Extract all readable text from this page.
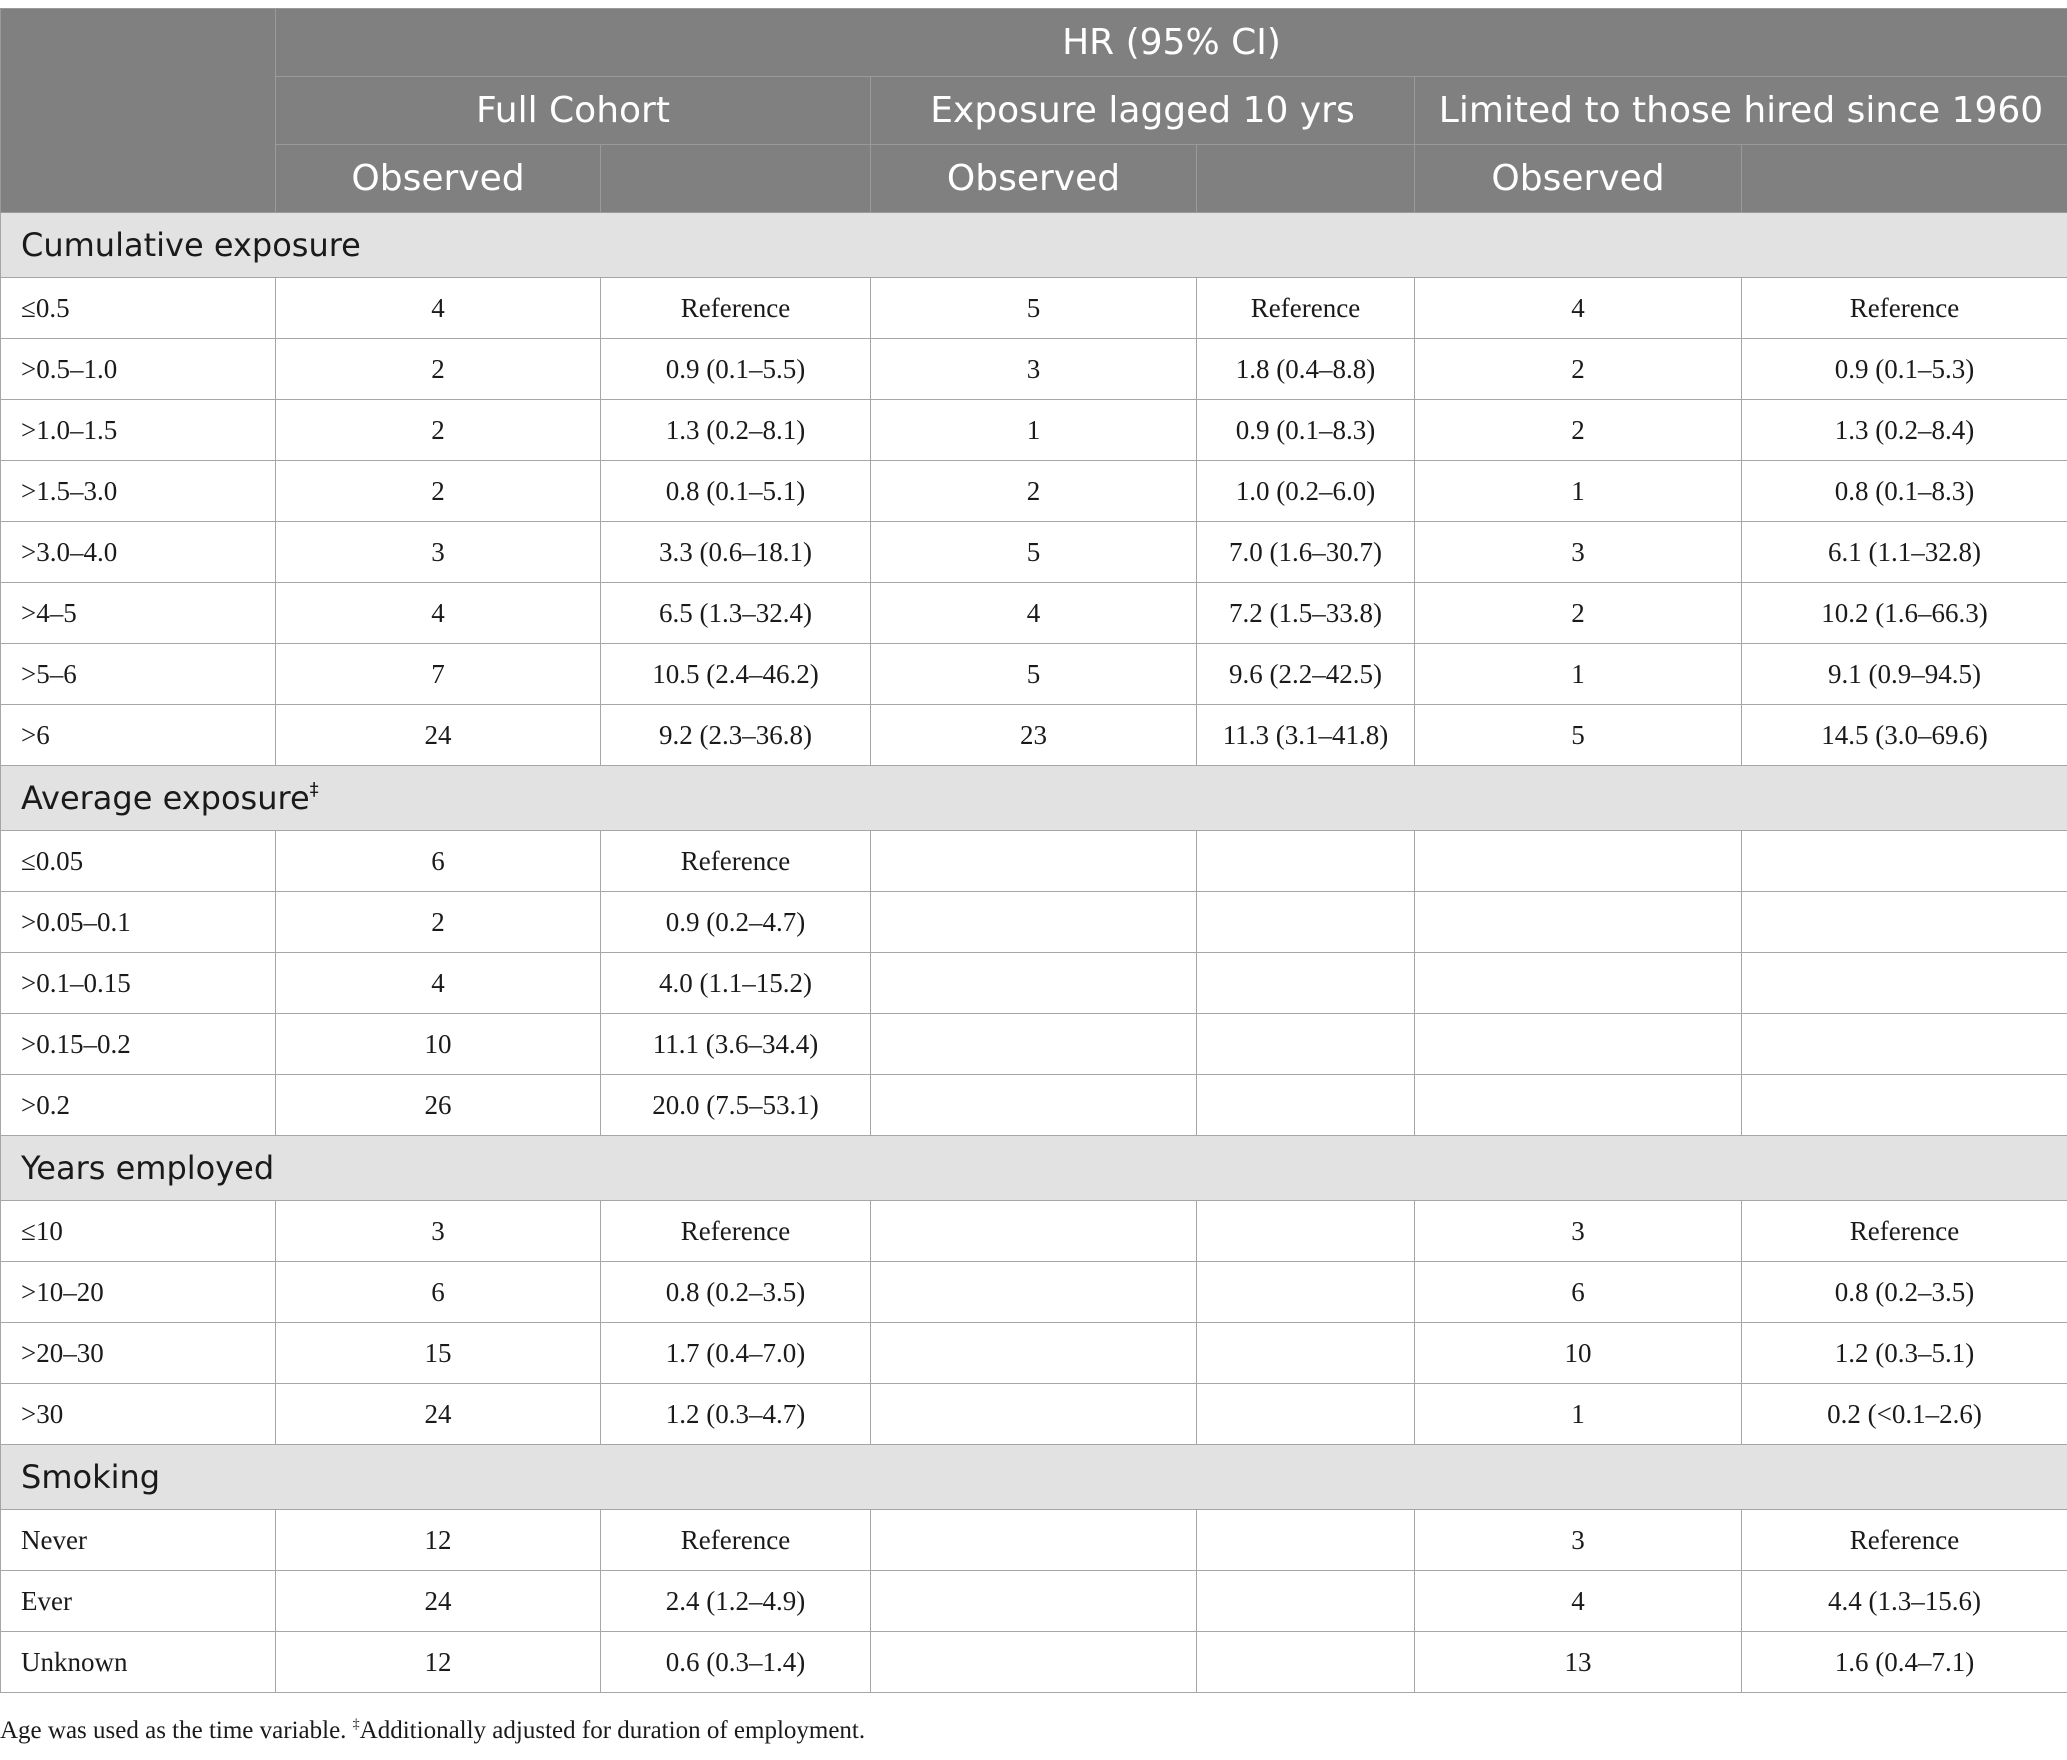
	HR (95% CI)					
	Full Cohort		Exposure lagged 10 yrs		Limited to those hired since 1960	
	Observed		Observed		Observed	
Cumulative exposure						
≤0.5	4	Reference	5	Reference	4	Reference
>0.5–1.0	2	0.9 (0.1–5.5)	3	1.8 (0.4–8.8)	2	0.9 (0.1–5.3)
>1.0–1.5	2	1.3 (0.2–8.1)	1	0.9 (0.1–8.3)	2	1.3 (0.2–8.4)
>1.5–3.0	2	0.8 (0.1–5.1)	2	1.0 (0.2–6.0)	1	0.8 (0.1–8.3)
>3.0–4.0	3	3.3 (0.6–18.1)	5	7.0 (1.6–30.7)	3	6.1 (1.1–32.8)
>4–5	4	6.5 (1.3–32.4)	4	7.2 (1.5–33.8)	2	10.2 (1.6–66.3)
>5–6	7	10.5 (2.4–46.2)	5	9.6 (2.2–42.5)	1	9.1 (0.9–94.5)
>6	24	9.2 (2.3–36.8)	23	11.3 (3.1–41.8)	5	14.5 (3.0–69.6)
Average exposure‡
≤0.05	6	Reference				
>0.05–0.1	2	0.9 (0.2–4.7)				
>0.1–0.15	4	4.0 (1.1–15.2)				
>0.15–0.2	10	11.1 (3.6–34.4)				
>0.2	26	20.0 (7.5–53.1)				
Years employed						
≤10	3	Reference			3	Reference
>10–20	6	0.8 (0.2–3.5)			6	0.8 (0.2–3.5)
>20–30	15	1.7 (0.4–7.0)			10	1.2 (0.3–5.1)
>30	24	1.2 (0.3–4.7)			1	0.2 (<0.1–2.6)
Smoking						
Never	12	Reference			3	Reference
Ever	24	2.4 (1.2–4.9)			4	4.4 (1.3–15.6)
Unknown	12	0.6 (0.3–1.4)			13	1.6 (0.4–7.1)
Age was used as the time variable. ‡Additionally adjusted for duration of employment.
